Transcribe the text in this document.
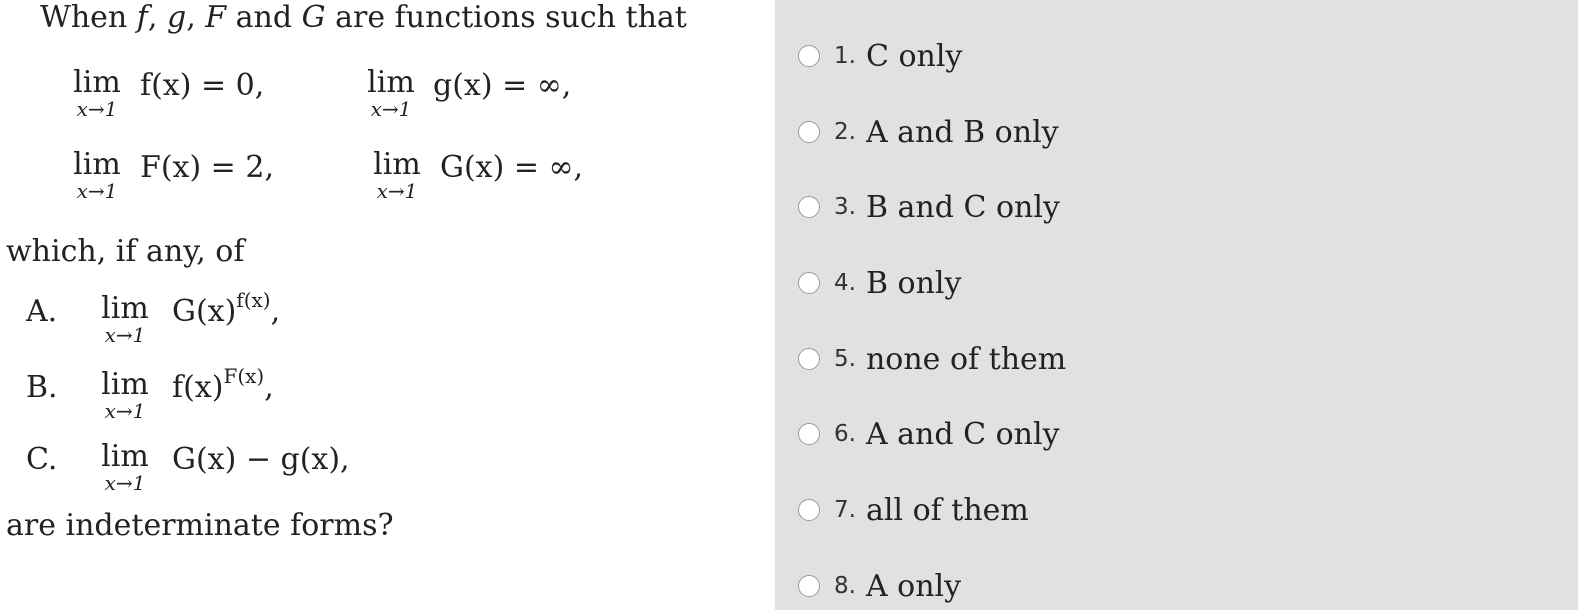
When f, g, F and G are functions such that
lim
x→1
f(x) = 0,	lim
x→1
g(x) = ∞,
lim
x→1
F(x) = 2,	lim
x→1
G(x) = ∞,
which, if any, of
A.	lim
x→1
$G(x)^{f(x)}$,
B.	lim
x→1
$f(x)^{F(x)}$,
C.	lim
x→1
G(x) − g(x),
are indeterminate forms?
1. C only
2. A and B only
3. B and C only
4. B only
5. none of them
6. A and C only
7. all of them
8. A only
